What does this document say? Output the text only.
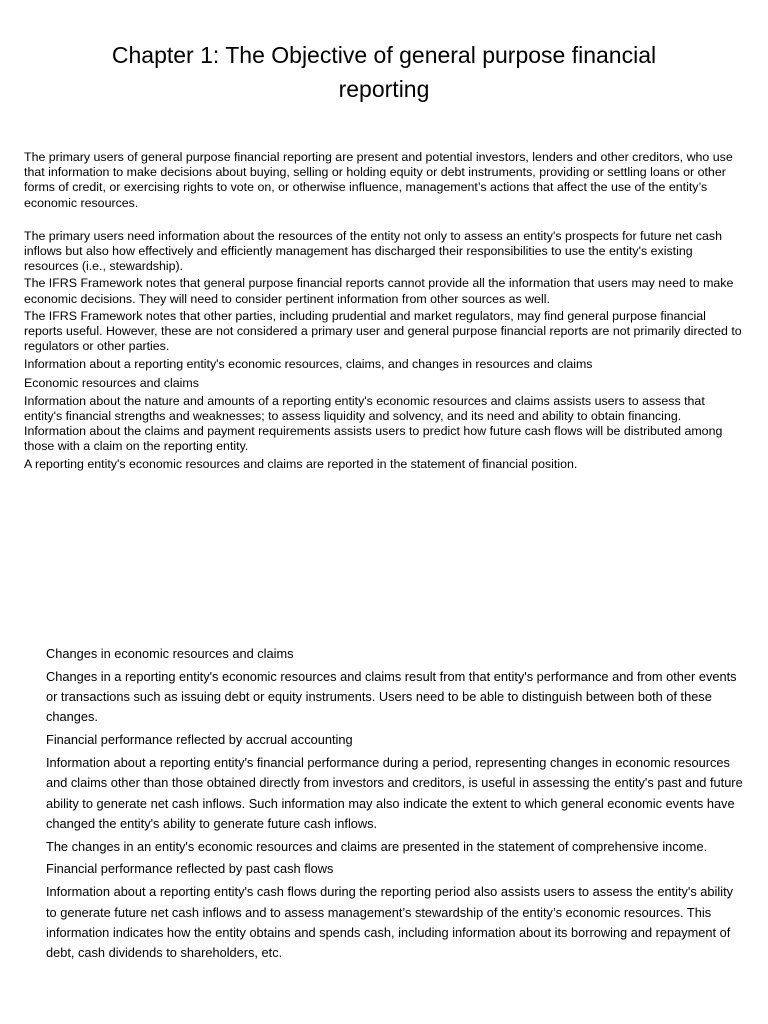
Chapter 1: The Objective of general purpose financial
reporting

The primary users of general purpose financial reporting are present and potential investors, lenders and other creditors, who use that information to make decisions about buying, selling or holding equity or debt instruments, providing or settling loans or other forms of credit, or exercising rights to vote on, or otherwise influence, management’s actions that affect the use of the entity’s economic resources.

The primary users need information about the resources of the entity not only to assess an entity's prospects for future net cash inflows but also how effectively and efficiently management has discharged their responsibilities to use the entity's existing resources (i.e., stewardship).

The IFRS Framework notes that general purpose financial reports cannot provide all the information that users may need to make economic decisions. They will need to consider pertinent information from other sources as well.

The IFRS Framework notes that other parties, including prudential and market regulators, may find general purpose financial reports useful. However, these are not considered a primary user and general purpose financial reports are not primarily directed to regulators or other parties.

Information about a reporting entity's economic resources, claims, and changes in resources and claims

Economic resources and claims

Information about the nature and amounts of a reporting entity's economic resources and claims assists users to assess that entity's financial strengths and weaknesses; to assess liquidity and solvency, and its need and ability to obtain financing. Information about the claims and payment requirements assists users to predict how future cash flows will be distributed among those with a claim on the reporting entity.

A reporting entity's economic resources and claims are reported in the statement of financial position.

Changes in economic resources and claims

Changes in a reporting entity's economic resources and claims result from that entity's performance and from other events or transactions such as issuing debt or equity instruments. Users need to be able to distinguish between both of these changes.

Financial performance reflected by accrual accounting

Information about a reporting entity's financial performance during a period, representing changes in economic resources and claims other than those obtained directly from investors and creditors, is useful in assessing the entity's past and future ability to generate net cash inflows. Such information may also indicate the extent to which general economic events have changed the entity's ability to generate future cash inflows.

The changes in an entity's economic resources and claims are presented in the statement of comprehensive income.

Financial performance reflected by past cash flows

Information about a reporting entity's cash flows during the reporting period also assists users to assess the entity's ability to generate future net cash inflows and to assess management’s stewardship of the entity’s economic resources. This information indicates how the entity obtains and spends cash, including information about its borrowing and repayment of debt, cash dividends to shareholders, etc.
